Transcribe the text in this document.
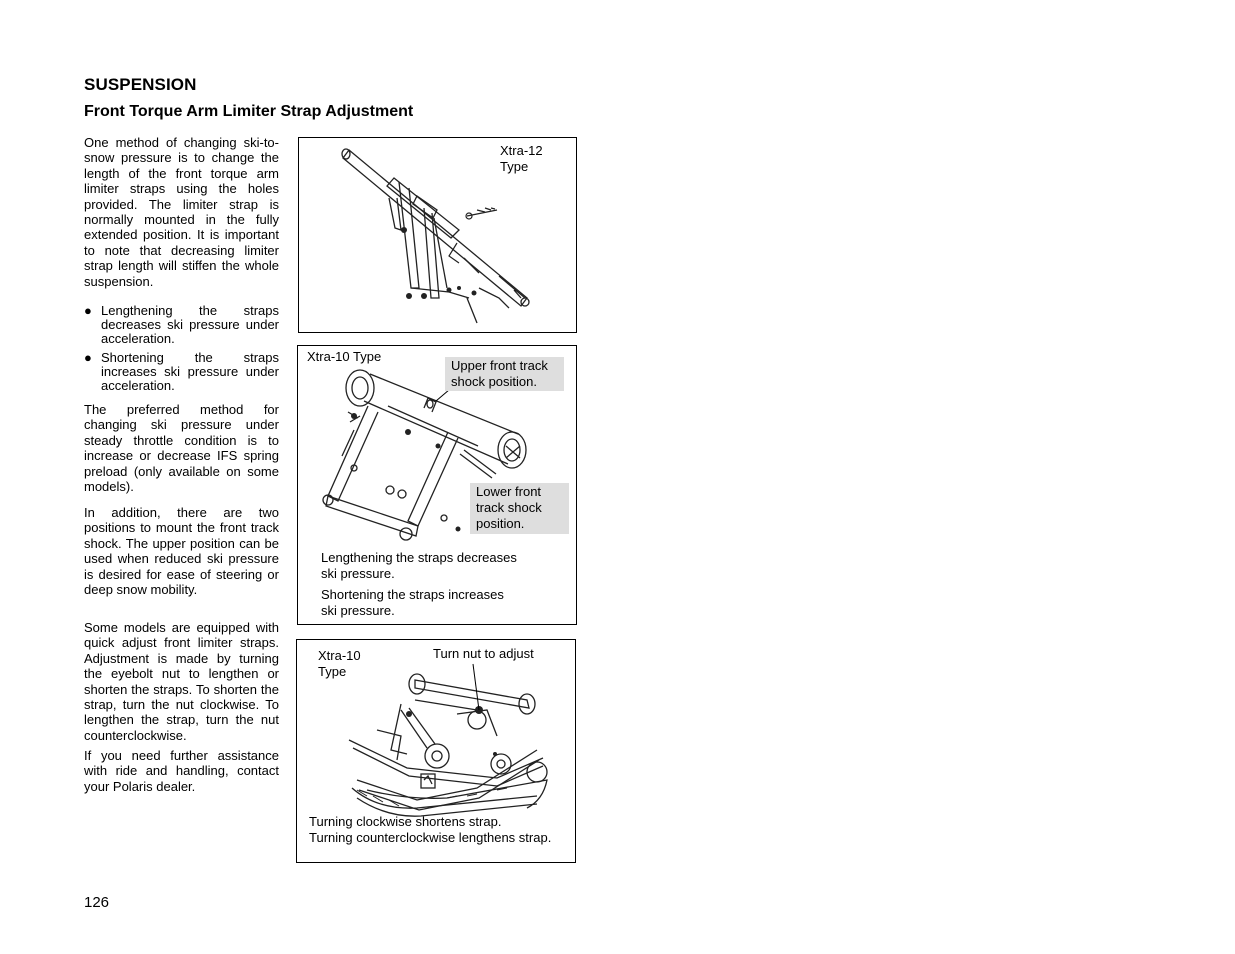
SUSPENSION
Front Torque Arm Limiter Strap Adjustment

One method of changing ski-to-snow pressure is to change the length of the front torque arm limiter straps using the holes provided. The limiter strap is normally mounted in the fully extended position. It is important to note that decreasing limiter strap length will stiffen the whole suspension.

● Lengthening the straps decreases ski pressure under acceleration.
● Shortening the straps increases ski pressure under acceleration.

The preferred method for changing ski pressure under steady throttle condition is to increase or decrease IFS spring preload (only available on some models).

In addition, there are two positions to mount the front track shock. The upper position can be used when reduced ski pressure is desired for ease of steering or deep snow mobility.

Some models are equipped with quick adjust front limiter straps. Adjustment is made by turning the eyebolt nut to lengthen or shorten the straps. To shorten the strap, turn the nut clockwise. To lengthen the strap, turn the nut counterclockwise.

If you need further assistance with ride and handling, contact your Polaris dealer.

Xtra-12
Type
Xtra-10 Type
Upper front track
shock position.
Lower front
track shock
position.
Lengthening the straps decreases
ski pressure.
Shortening the straps increases
ski pressure.
Xtra-10
Type
Turn nut to adjust
Turning clockwise shortens strap.
Turning counterclockwise lengthens strap.
126
